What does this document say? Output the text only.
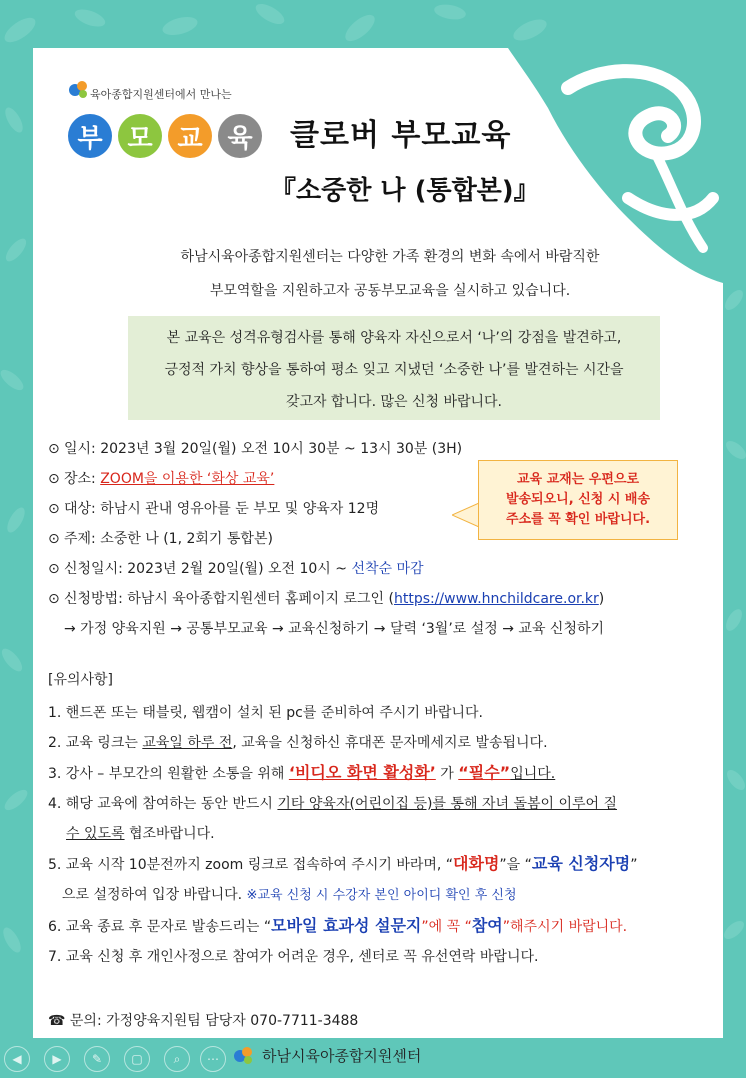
육아종합지원센터에서 만나는
부 모 교 육	클로버 부모교육
『소중한 나 (통합본)』
하남시육아종합지원센터는 다양한 가족 환경의 변화 속에서 바람직한
부모역할을 지원하고자 공동부모교육을 실시하고 있습니다.
본 교육은 성격유형검사를 통해 양육자 자신으로서 ‘나’의 강점을 발견하고,
긍정적 가치 향상을 통하여 평소 잊고 지냈던 ‘소중한 나’를 발견하는 시간을
갖고자 합니다. 많은 신청 바랍니다.
⊙ 일시: 2023년 3월 20일(월) 오전 10시 30분 ~ 13시 30분 (3H)
⊙ 장소: ZOOM을 이용한 ‘화상 교육’
⊙ 대상: 하남시 관내 영유아를 둔 부모 및 양육자 12명
⊙ 주제: 소중한 나 (1, 2회기 통합본)
⊙ 신청일시: 2023년 2월 20일(월) 오전 10시 ~ 선착순 마감
⊙ 신청방법: 하남시 육아종합지원센터 홈페이지 로그인 (https://www.hnchildcare.or.kr)
→ 가정 양육지원 → 공통부모교육 → 교육신청하기 → 달력 ‘3월’로 설정 → 교육 신청하기
교육 교재는 우편으로
발송되오니, 신청 시 배송
주소를 꼭 확인 바랍니다.
[유의사항]
1. 핸드폰 또는 태블릿, 웹캠이 설치 된 pc를 준비하여 주시기 바랍니다.
2. 교육 링크는 교육일 하루 전, 교육을 신청하신 휴대폰 문자메세지로 발송됩니다.
3. 강사 – 부모간의 원활한 소통을 위해 ‘비디오 화면 활성화’ 가 “필수”입니다.
4. 해당 교육에 참여하는 동안 반드시 기타 양육자(어린이집 등)를 통해 자녀 돌봄이 이루어 질
수 있도록 협조바랍니다.
5. 교육 시작 10분전까지 zoom 링크로 접속하여 주시기 바라며, “대화명”을 “교육 신청자명”
으로 설정하여 입장 바랍니다. ※교육 신청 시 수강자 본인 아이디 확인 후 신청
6. 교육 종료 후 문자로 발송드리는 “모바일 효과성 설문지”에 꼭 “참여”해주시기 바랍니다.
7. 교육 신청 후 개인사정으로 참여가 어려운 경우, 센터로 꼭 유선연락 바랍니다.
☎ 문의: 가정양육지원팀 담당자 070-7711-3488
◀	▶	✎	▢	⌕	⋯	하남시육아종합지원센터
